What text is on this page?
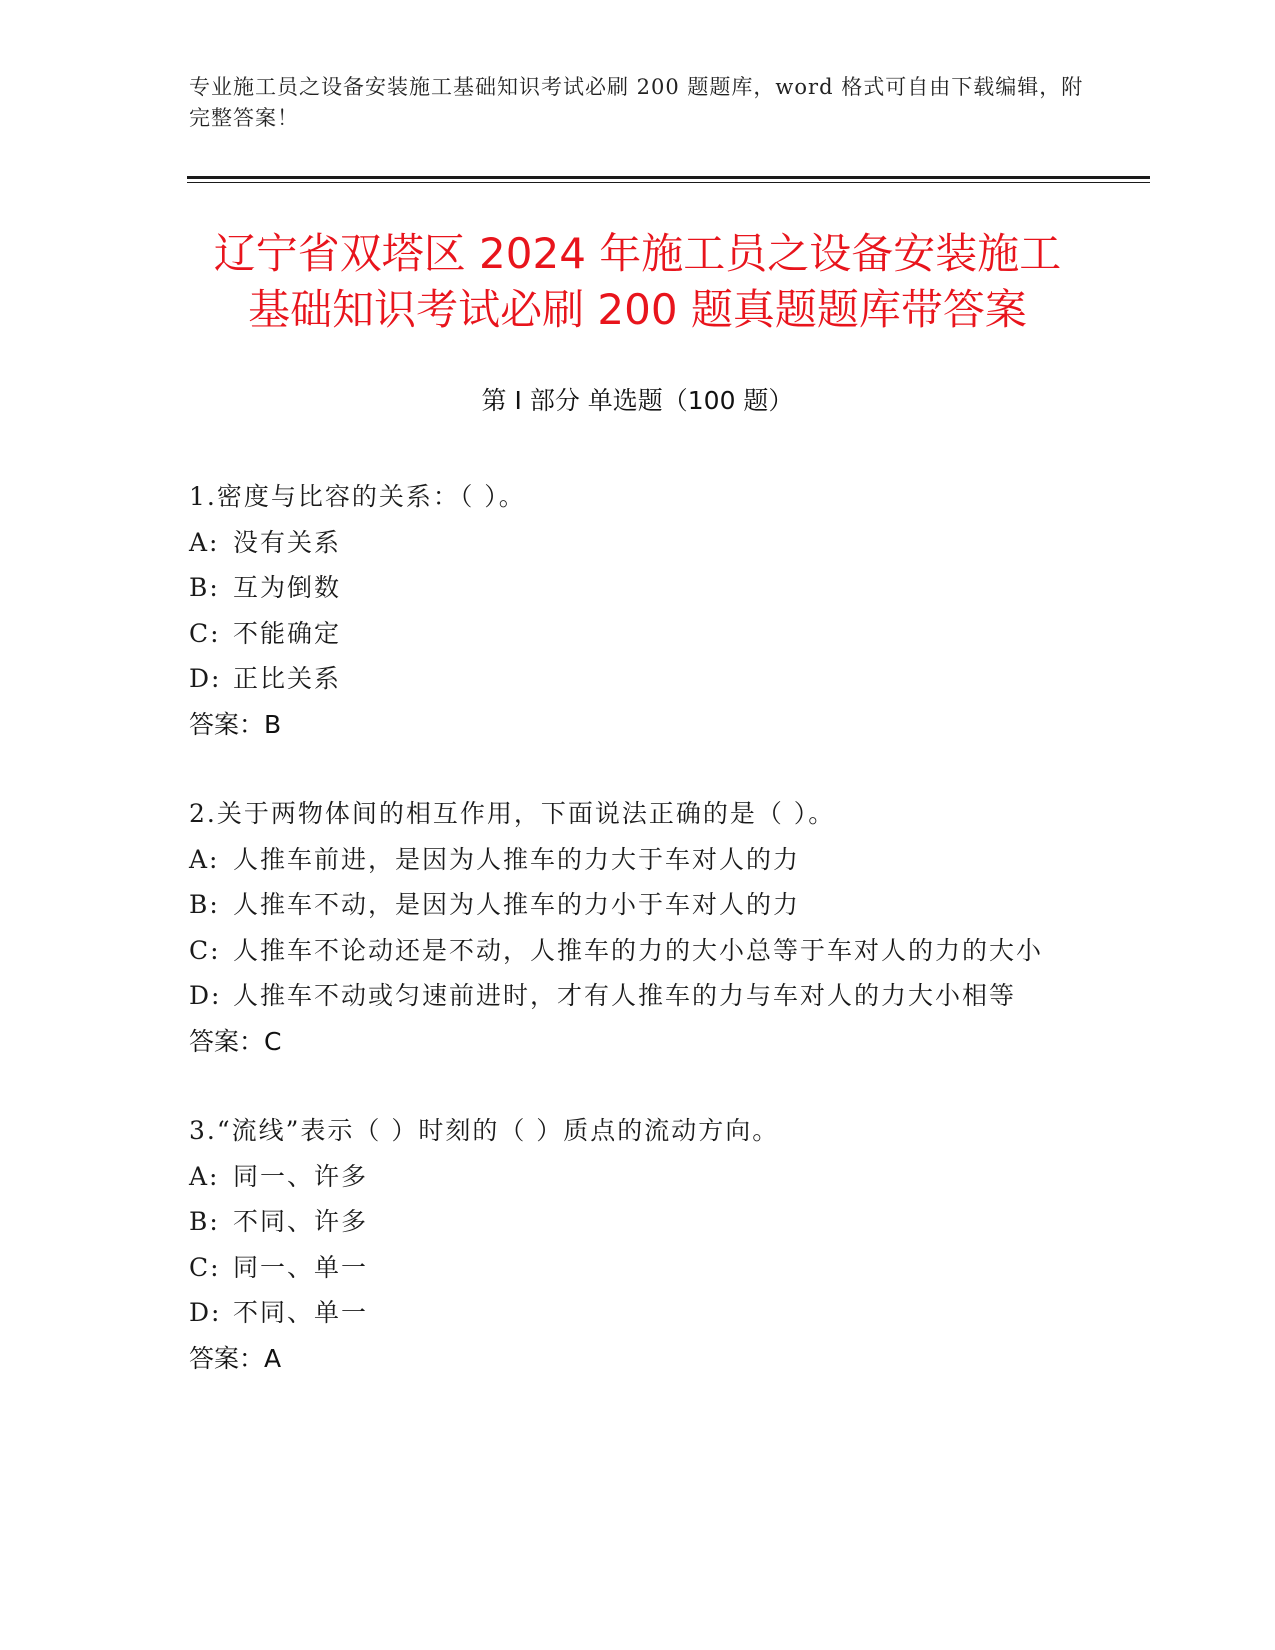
专业施工员之设备安装施工基础知识考试必刷 200 题题库，word 格式可自由下载编辑，附完整答案！
辽宁省双塔区 2024 年施工员之设备安装施工
基础知识考试必刷 200 题真题题库带答案
第 I 部分 单选题（100 题）
1.密度与比容的关系：（ ）。
A: 没有关系
B: 互为倒数
C: 不能确定
D: 正比关系
答案：B
2.关于两物体间的相互作用，下面说法正确的是（ ）。
A: 人推车前进，是因为人推车的力大于车对人的力
B: 人推车不动，是因为人推车的力小于车对人的力
C: 人推车不论动还是不动，人推车的力的大小总等于车对人的力的大小
D: 人推车不动或匀速前进时，才有人推车的力与车对人的力大小相等
答案：C
3.“流线”表示（ ）时刻的（ ）质点的流动方向。
A: 同一、许多
B: 不同、许多
C: 同一、单一
D: 不同、单一
答案：A
